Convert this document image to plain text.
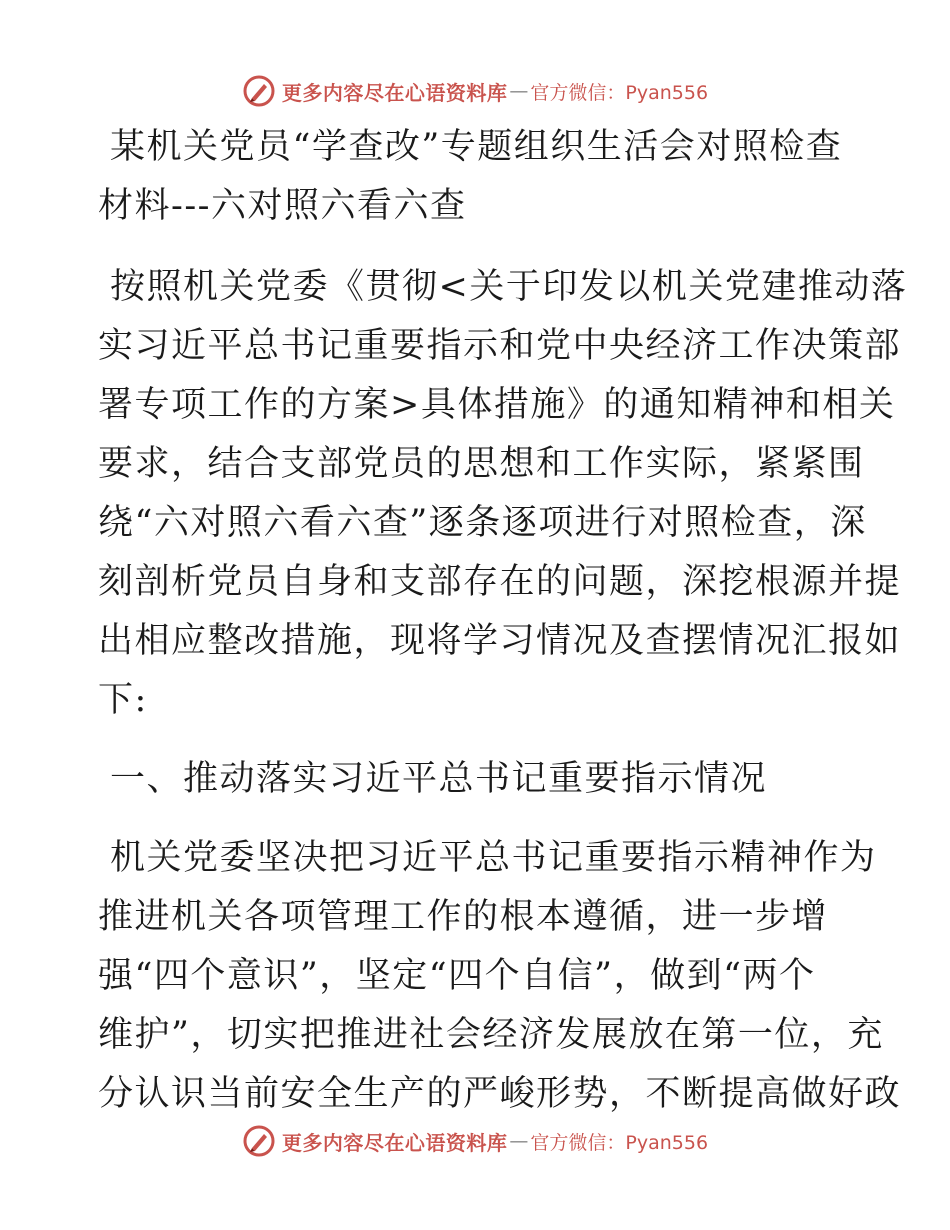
更多内容尽在心语资料库 — 官方微信：Pyan556
某机关党员“学查改”专题组织生活会对照检查
材料---六对照六看六查

按照机关党委《贯彻<关于印发以机关党建推动落
实习近平总书记重要指示和党中央经济工作决策部
署专项工作的方案>具体措施》的通知精神和相关
要求，结合支部党员的思想和工作实际，紧紧围
绕“六对照六看六查”逐条逐项进行对照检查，深
刻剖析党员自身和支部存在的问题，深挖根源并提
出相应整改措施，现将学习情况及查摆情况汇报如
下:

一、推动落实习近平总书记重要指示情况

机关党委坚决把习近平总书记重要指示精神作为
推进机关各项管理工作的根本遵循，进一步增
强“四个意识”，坚定“四个自信”，做到“两个
维护”，切实把推进社会经济发展放在第一位，充
分认识当前安全生产的严峻形势，不断提高做好政

更多内容尽在心语资料库 — 官方微信：Pyan556
